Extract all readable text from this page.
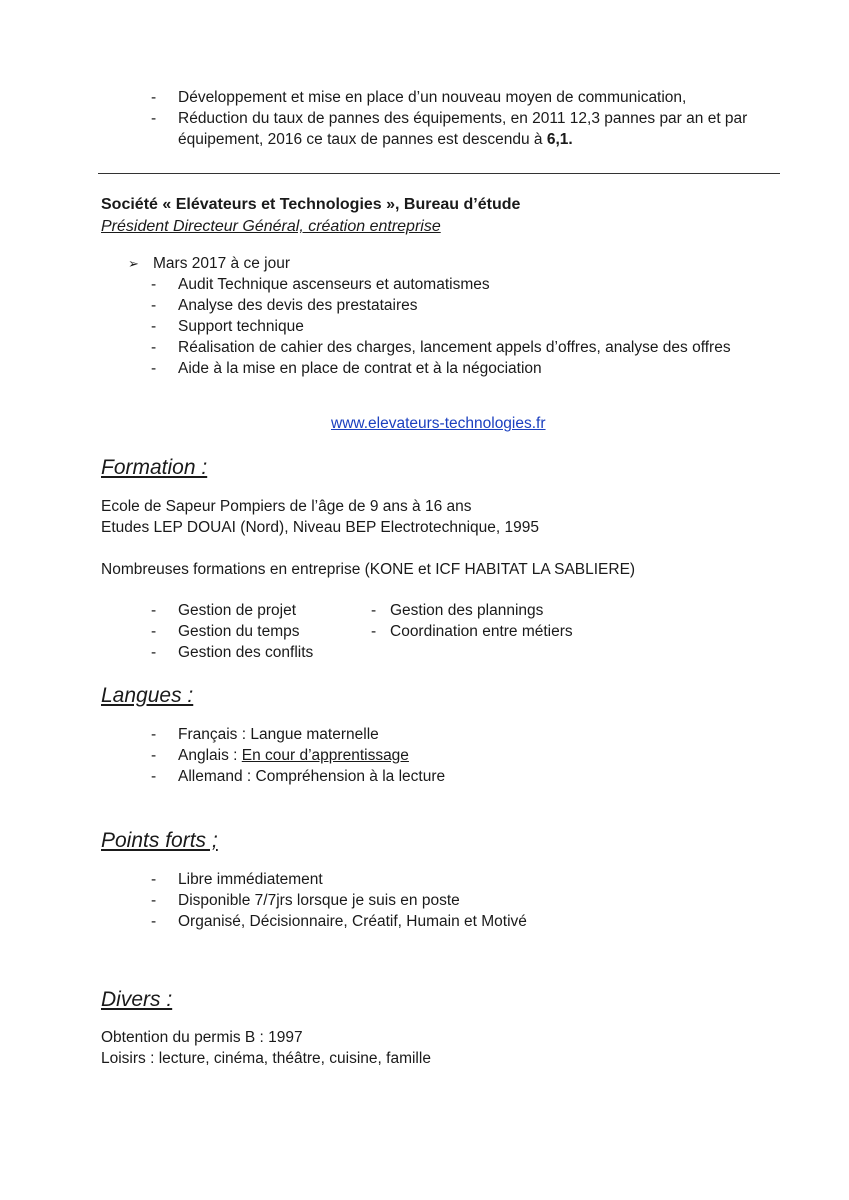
- Développement et mise en place d’un nouveau moyen de communication,
- Réduction du taux de pannes des équipements, en 2011 12,3 pannes par an et par
équipement, 2016 ce taux de pannes est descendu à 6,1.
Société « Elévateurs et Technologies », Bureau d’étude
Président Directeur Général, création entreprise
➢ Mars 2017 à ce jour
- Audit Technique ascenseurs et automatismes
- Analyse des devis des prestataires
- Support technique
- Réalisation de cahier des charges, lancement appels d’offres, analyse des offres
- Aide à la mise en place de contrat et à la négociation
www.elevateurs-technologies.fr
Formation :
Ecole de Sapeur Pompiers de l’âge de 9 ans à 16 ans
Etudes LEP DOUAI (Nord), Niveau BEP Electrotechnique, 1995
Nombreuses formations en entreprise (KONE et ICF HABITAT LA SABLIERE)
- Gestion de projet
- Gestion du temps
- Gestion des conflits
- Gestion des plannings
- Coordination entre métiers
Langues :
- Français : Langue maternelle
- Anglais : En cour d’apprentissage
- Allemand : Compréhension à la lecture
Points forts ;
- Libre immédiatement
- Disponible 7/7jrs lorsque je suis en poste
- Organisé, Décisionnaire, Créatif, Humain et Motivé
Divers :
Obtention du permis B : 1997
Loisirs : lecture, cinéma, théâtre, cuisine, famille
